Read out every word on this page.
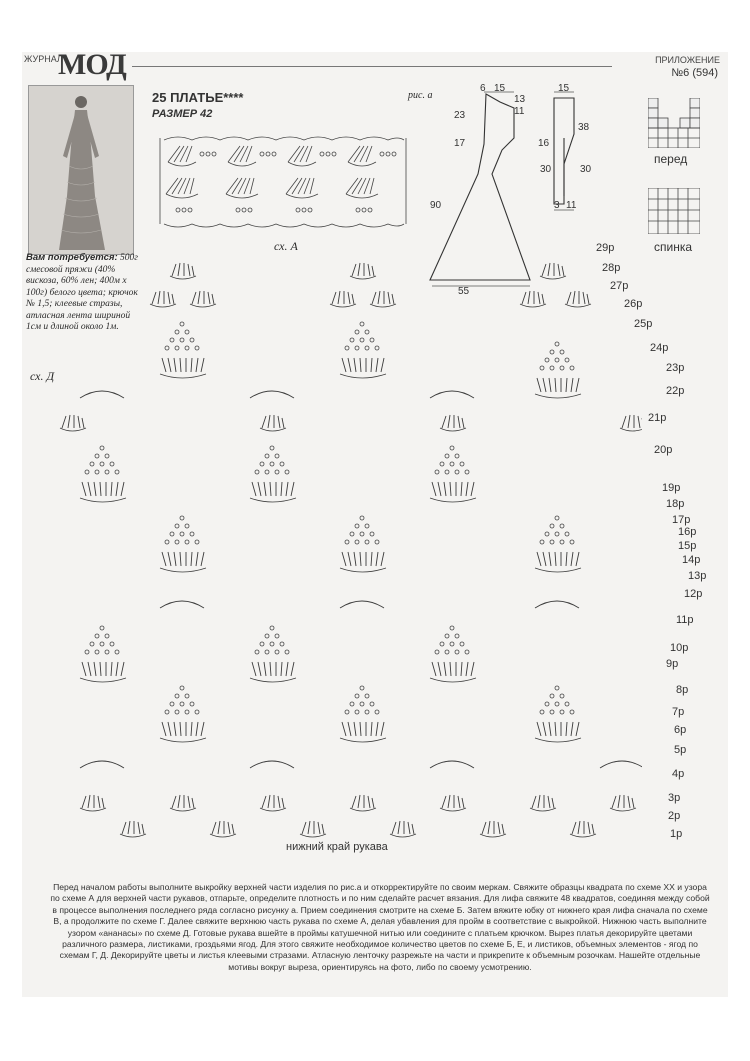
ЖУРНАЛ
МОД	ПРИЛОЖЕНИЕ
№6 (594)
25 ПЛАТЬЕ****
РАЗМЕР 42
рис. а
сх. А
6 15
13
11
23
17
90
55
15
38
16
30	30
3 11
перед
спинка
Вам потребуется: 500г смесовой пряжи (40% вискоза, 60% лен; 400м х 100г) белого цвета; крючок № 1,5; клеевые стразы, атласная лента шириной 1см и длиной около 1м.
сх. Д
29р
28р
27р
26р
25р
24р
23р
22р
21р
20р
19р
18р
17р
16р
15р
14р
13р
12р
11р
10р
9р
8р
7р
6р
5р
4р
3р
2р
1р
нижний край рукава
Перед началом работы выполните выкройку верхней части изделия по рис.а и откорректируйте по своим меркам. Свяжите образцы квадрата по схеме ХХ и узора по схеме А для верхней части рукавов, отпарьте, определите плотность и по ним сделайте расчет вязания. Для лифа свяжите 48 квадратов, соединяя между собой в процессе выполнения последнего ряда согласно рисунку а. Прием соединения смотрите на схеме Б. Затем вяжите юбку от нижнего края лифа сначала по схеме В, а продолжите по схеме Г. Далее свяжите верхнюю часть рукава по схеме А, делая убавления для пройм в соответствие с выкройкой. Нижнюю часть выполните узором «ананасы» по схеме Д. Готовые рукава вшейте в проймы катушечной нитью или соедините с платьем крючком. Вырез платья декорируйте цветами различного размера, листиками, гроздьями ягод. Для этого свяжите необходимое количество цветов по схеме Б, Е, и листиков, объемных элементов - ягод по схемам Г, Д. Декорируйте цветы и листья клеевыми стразами. Атласную ленточку разрежьте на части и прикрепите к объемным розочкам. Нашейте отдельные мотивы вокруг выреза, ориентируясь на фото, либо по своему усмотрению.
